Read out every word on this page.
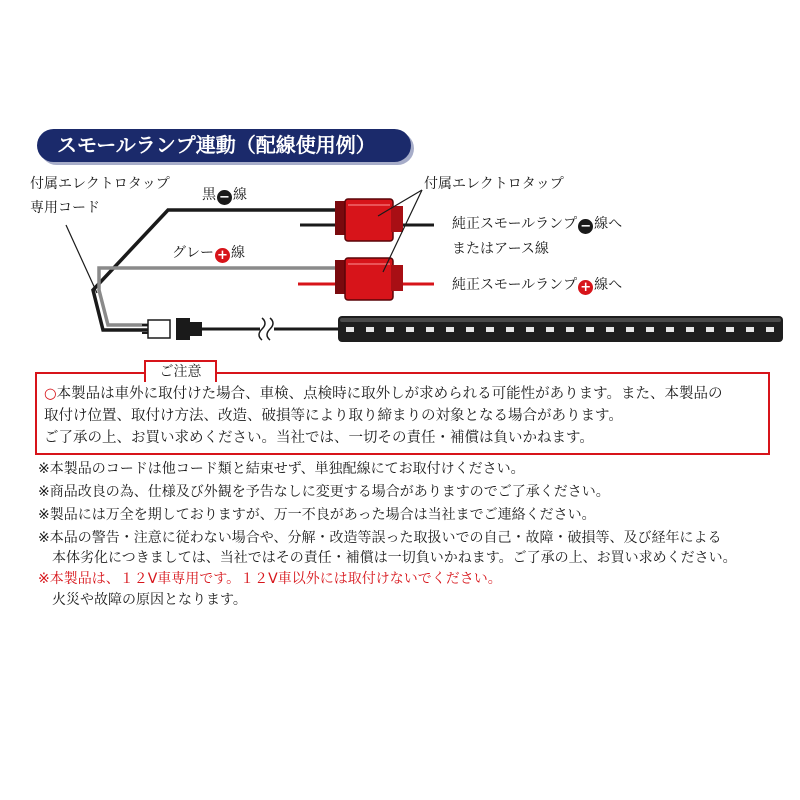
スモールランプ連動（配線使用例）
付属エレクトロタップ
専用コード
黒 − 線
グレー + 線
付属エレクトロタップ
純正スモールランプ − 線へ
またはアース線
純正スモールランプ + 線へ
ご注意
○本製品は車外に取付けた場合、車検、点検時に取外しが求められる可能性があります。また、本製品の
取付け位置、取付け方法、改造、破損等により取り締まりの対象となる場合があります。
ご了承の上、お買い求めください。当社では、一切その責任・補償は負いかねます。
※本製品のコードは他コード類と結束せず、単独配線にてお取付けください。
※商品改良の為、仕様及び外観を予告なしに変更する場合がありますのでご了承ください。
※製品には万全を期しておりますが、万一不良があった場合は当社までご連絡ください。
※本品の警告・注意に従わない場合や、分解・改造等誤った取扱いでの自己・故障・破損等、及び経年による
　本体劣化につきましては、当社ではその責任・補償は一切負いかねます。ご了承の上、お買い求めください。
※本製品は、１２V車専用です。１２V車以外には取付けないでください。
　火災や故障の原因となります。
